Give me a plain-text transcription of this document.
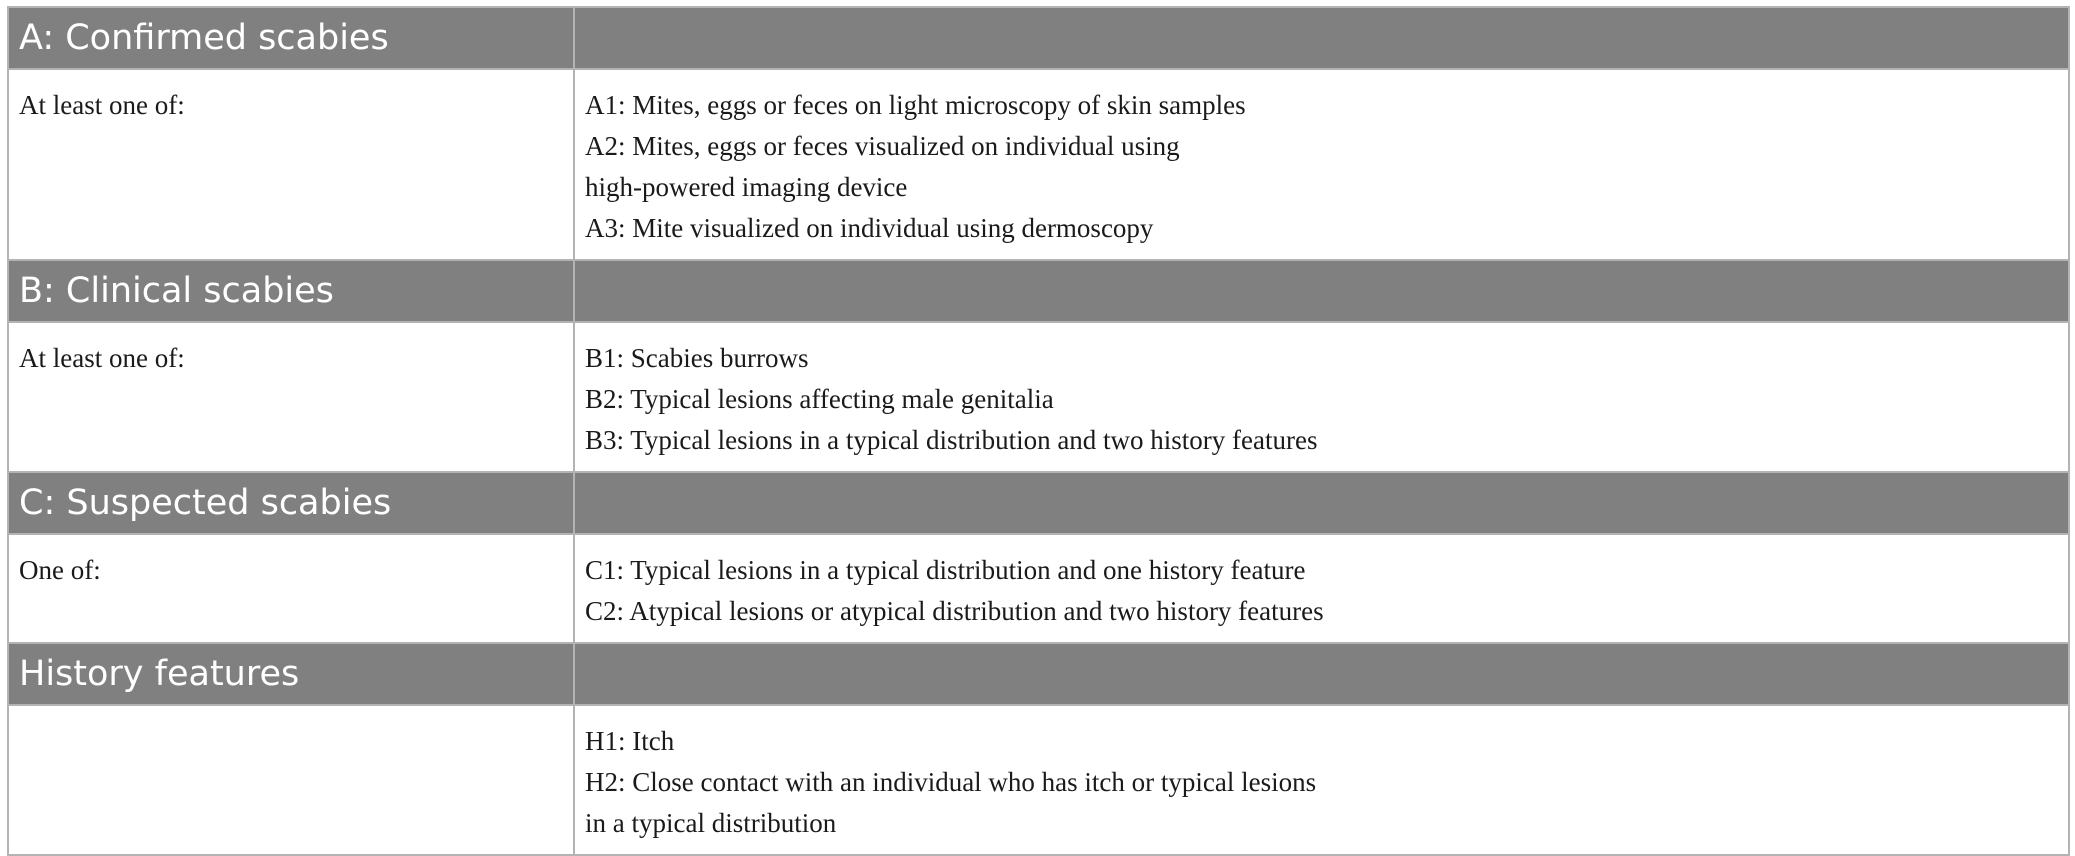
A: Confirmed scabies	
At least one of:	A1: Mites, eggs or feces on light microscopy of skin samples
A2: Mites, eggs or feces visualized on individual using
high-powered imaging device
A3: Mite visualized on individual using dermoscopy

B: Clinical scabies	
At least one of:	B1: Scabies burrows
B2: Typical lesions affecting male genitalia
B3: Typical lesions in a typical distribution and two history features

C: Suspected scabies	
One of:	C1: Typical lesions in a typical distribution and one history feature
C2: Atypical lesions or atypical distribution and two history features

History features	

	H1: Itch
H2: Close contact with an individual who has itch or typical lesions
in a typical distribution
